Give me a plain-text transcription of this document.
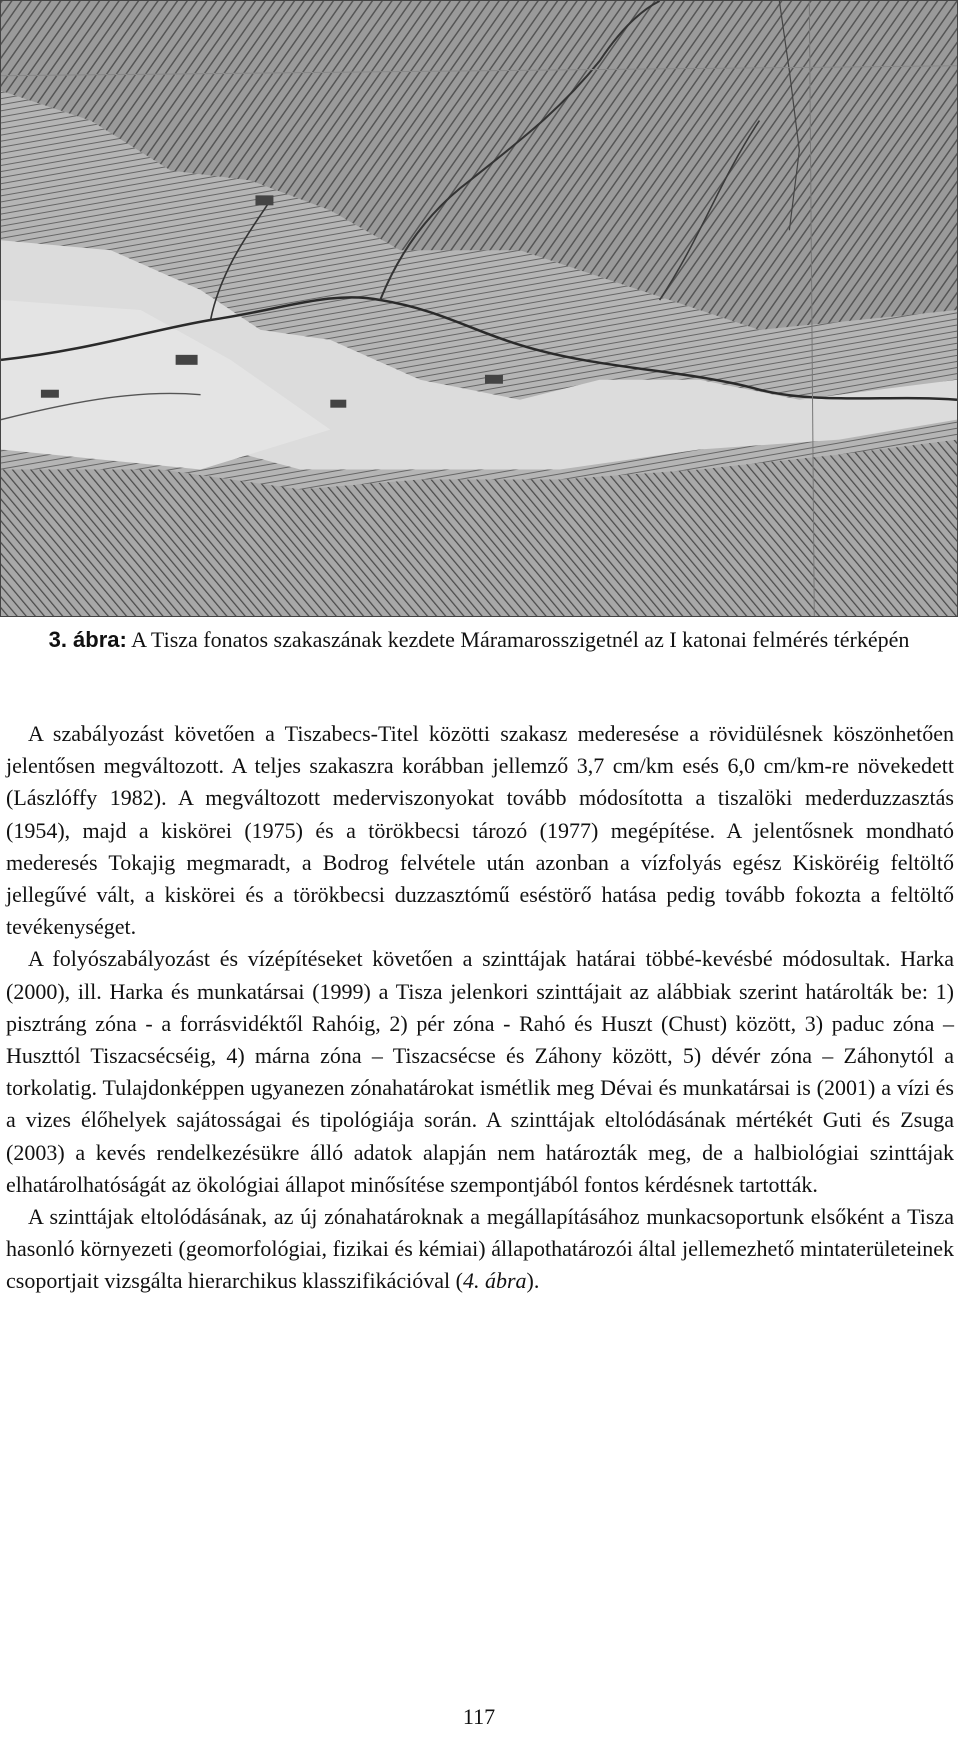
3. ábra: A Tisza fonatos szakaszának kezdete Máramarosszigetnél az I katonai felmérés térképén

A szabályozást követően a Tiszabecs-Titel közötti szakasz mederesése a rövidülésnek köszönhetően jelentősen megváltozott. A teljes szakaszra korábban jellemző 3,7 cm/km esés 6,0 cm/km-re növekedett (Lászlóffy 1982). A megváltozott mederviszonyokat tovább módosította a tiszalöki mederduzzasztás (1954), majd a kiskörei (1975) és a törökbecsi tározó (1977) megépítése. A jelentősnek mondható mederesés Tokajig megmaradt, a Bodrog felvétele után azonban a vízfolyás egész Kisköréig feltöltő jellegűvé vált, a kiskörei és a törökbecsi duzzasztómű eséstörő hatása pedig tovább fokozta a feltöltő tevékenységet.

A folyószabályozást és vízépítéseket követően a szinttájak határai többé-kevésbé módosultak. Harka (2000), ill. Harka és munkatársai (1999) a Tisza jelenkori szinttájait az alábbiak szerint határolták be: 1) pisztráng zóna - a forrásvidéktől Rahóig, 2) pér zóna - Rahó és Huszt (Chust) között, 3) paduc zóna – Huszttól Tiszacsécséig, 4) márna zóna – Tiszacsécse és Záhony között, 5) dévér zóna – Záhonytól a torkolatig. Tulajdonképpen ugyanezen zónahatárokat ismétlik meg Dévai és munkatársai is (2001) a vízi és a vizes élőhelyek sajátosságai és tipológiája során. A szinttájak eltolódásának mértékét Guti és Zsuga (2003) a kevés rendelkezésükre álló adatok alapján nem határozták meg, de a halbiológiai szinttájak elhatárolhatóságát az ökológiai állapot minősítése szempontjából fontos kérdésnek tartották.

A szinttájak eltolódásának, az új zónahatároknak a megállapításához munkacsoportunk elsőként a Tisza hasonló környezeti (geomorfológiai, fizikai és kémiai) állapothatározói által jellemezhető mintaterületeinek csoportjait vizsgálta hierarchikus klasszifikációval (4. ábra).

117
